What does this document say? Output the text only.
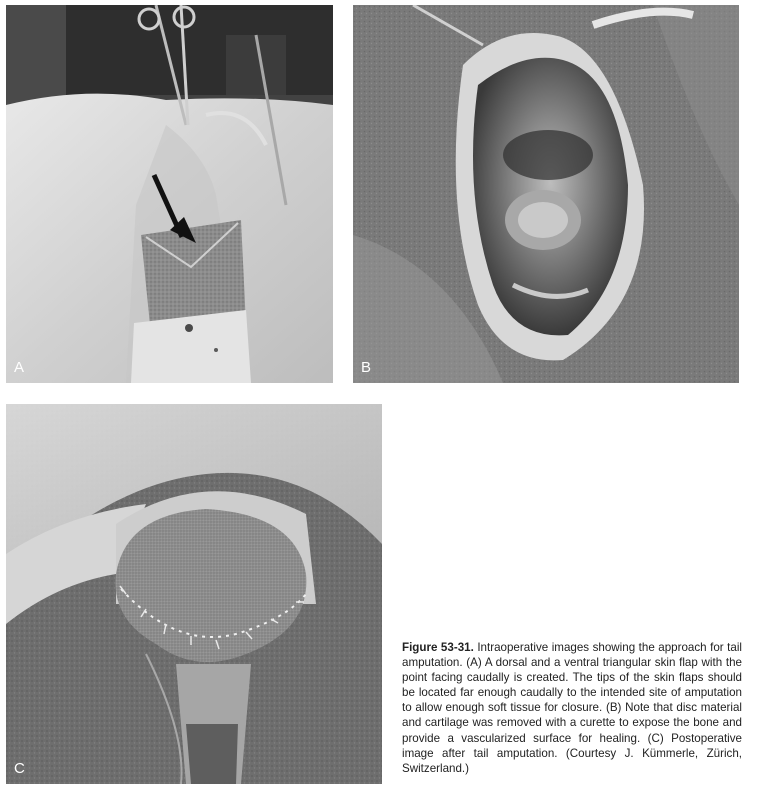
A	B
C
Figure 53-31. Intraoperative images showing the approach for tail amputation. (A) A dorsal and a ventral triangular skin flap with the point facing caudally is created. The tips of the skin flaps should be located far enough caudally to the intended site of amputation to allow enough soft tissue for closure. (B) Note that disc material and cartilage was removed with a curette to expose the bone and provide a vascularized surface for healing. (C) Postoperative image after tail amputation. (Courtesy J. Kümmerle, Zürich, Switzerland.)
